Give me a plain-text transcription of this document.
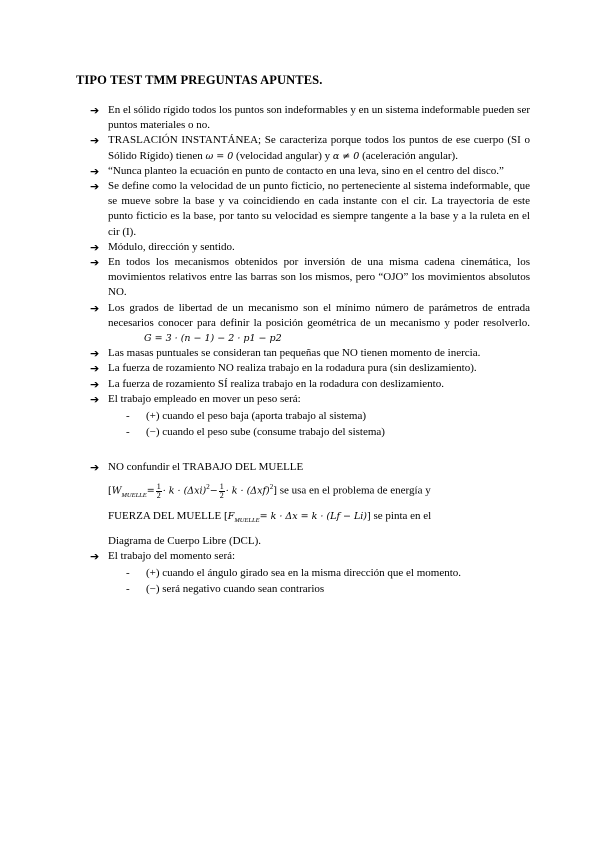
TIPO TEST TMM PREGUNTAS APUNTES.
➔ En el sólido rígido todos los puntos son indeformables y en un sistema indeformable pueden ser puntos materiales o no.
➔ TRASLACIÓN INSTANTÁNEA; Se caracteriza porque todos los puntos de ese cuerpo (SI o Sólido Rígido) tienen ω = 0 (velocidad angular) y α ≠ 0 (aceleración angular).
➔ “Nunca planteo la ecuación en punto de contacto en una leva, sino en el centro del disco.”
➔ Se define como la velocidad de un punto ficticio, no perteneciente al sistema indeformable, que se mueve sobre la base y va coincidiendo en cada instante con el cir. La trayectoria de este punto ficticio es la base, por tanto su velocidad es siempre tangente a la base y a la ruleta en el cir (I).
➔ Módulo, dirección y sentido.
➔ En todos los mecanismos obtenidos por inversión de una misma cadena cinemática, los movimientos relativos entre las barras son los mismos, pero “OJO” los movimientos absolutos NO.
➔ Los grados de libertad de un mecanismo son el mínimo número de parámetros de entrada necesarios conocer para definir la posición geométrica de un mecanismo y poder resolverlo. G = 3 · (n − 1) − 2 · p1 − p2
➔ Las masas puntuales se consideran tan pequeñas que NO tienen momento de inercia.
➔ La fuerza de rozamiento NO realiza trabajo en la rodadura pura (sin deslizamiento).
➔ La fuerza de rozamiento SÍ realiza trabajo en la rodadura con deslizamiento.
➔ El trabajo empleado en mover un peso será:
- (+) cuando el peso baja (aporta trabajo al sistema)
- (−) cuando el peso sube (consume trabajo del sistema)
➔ NO confundir el TRABAJO DEL MUELLE
$[W_{MUELLE}= \frac{1}{2} \cdot k \cdot (\Delta xi)^2- \frac{1}{2} \cdot k \cdot (\Delta xf)^2]$ se usa en el problema de energía y
FUERZA DEL MUELLE $[F_{MUELLE}= k \cdot \Delta x = k \cdot (Lf - Li)]$ se pinta en el
Diagrama de Cuerpo Libre (DCL).
➔ El trabajo del momento será:
- (+) cuando el ángulo girado sea en la misma dirección que el momento.
- (−) será negativo cuando sean contrarios
